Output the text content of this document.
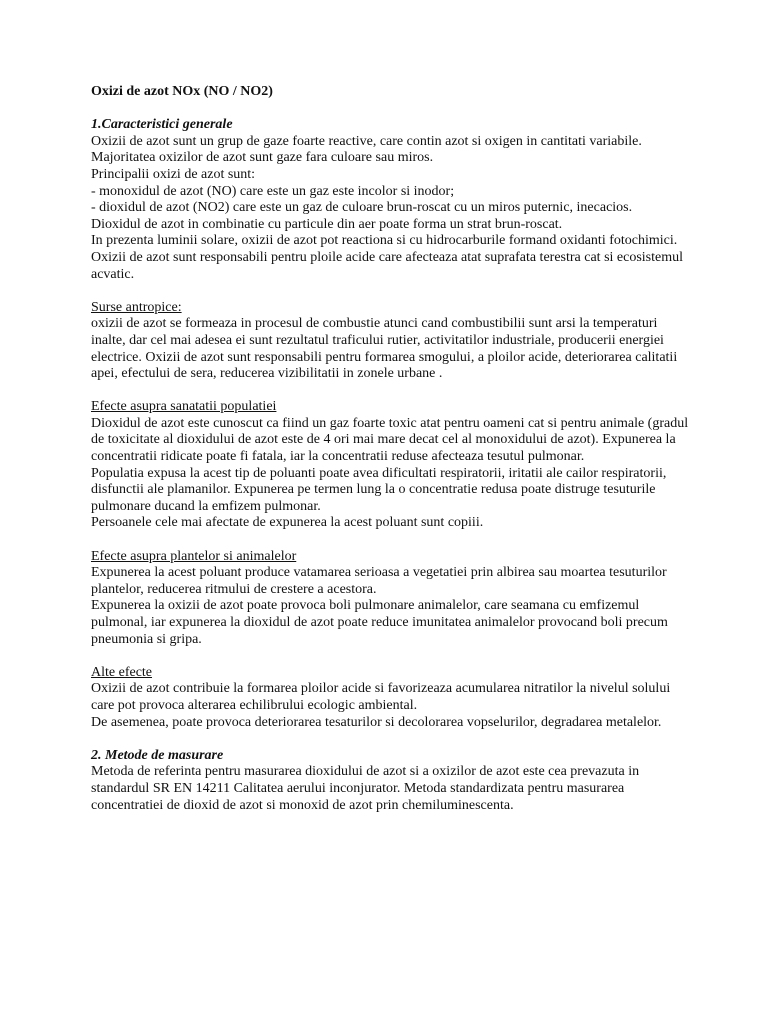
Oxizi de azot NOx (NO / NO2)

1.Caracteristici generale

Oxizii de azot sunt un grup de gaze foarte reactive, care contin azot si oxigen in cantitati variabile. Majoritatea oxizilor de azot sunt gaze fara culoare sau miros.

Principalii oxizi de azot sunt:

- monoxidul de azot (NO) care este un gaz este incolor si inodor;

- dioxidul de azot (NO2) care este un gaz de culoare brun-roscat cu un miros puternic, inecacios.

Dioxidul de azot in combinatie cu particule din aer poate forma un strat brun-roscat.

In prezenta luminii solare, oxizii de azot pot reactiona si cu hidrocarburile formand oxidanti fotochimici.

Oxizii de azot sunt responsabili pentru ploile acide care afecteaza atat suprafata terestra cat si ecosistemul acvatic.

Surse antropice:

oxizii de azot se formeaza in procesul de combustie atunci cand combustibilii sunt arsi la temperaturi inalte, dar cel mai adesea ei sunt rezultatul traficului rutier, activitatilor industriale, producerii energiei electrice. Oxizii de azot sunt responsabili pentru formarea smogului, a ploilor acide, deteriorarea calitatii apei, efectului de sera, reducerea vizibilitatii in zonele urbane .

Efecte asupra sanatatii populatiei

Dioxidul de azot este cunoscut ca fiind un gaz foarte toxic atat pentru oameni cat si pentru animale (gradul de toxicitate al dioxidului de azot este de 4 ori mai mare decat cel al monoxidului de azot). Expunerea la concentratii ridicate poate fi fatala, iar la concentratii reduse afecteaza tesutul pulmonar.

Populatia expusa la acest tip de poluanti poate avea dificultati respiratorii, iritatii ale cailor respiratorii, disfunctii ale plamanilor. Expunerea pe termen lung la o concentratie redusa poate distruge tesuturile pulmonare ducand la emfizem pulmonar.

Persoanele cele mai afectate de expunerea la acest poluant sunt copiii.

Efecte asupra plantelor si animalelor

Expunerea la acest poluant produce vatamarea serioasa a vegetatiei prin albirea sau moartea tesuturilor plantelor, reducerea ritmului de crestere a acestora.

Expunerea la oxizii de azot poate provoca boli pulmonare animalelor, care seamana cu emfizemul pulmonal, iar expunerea la dioxidul de azot poate reduce imunitatea animalelor provocand boli precum pneumonia si gripa.

Alte efecte

Oxizii de azot contribuie la formarea ploilor acide si favorizeaza acumularea nitratilor la nivelul solului care pot provoca alterarea echilibrului ecologic ambiental.

De asemenea, poate provoca deteriorarea tesaturilor si decolorarea vopselurilor, degradarea metalelor.

2. Metode de masurare

Metoda de referinta pentru masurarea dioxidului de azot si a oxizilor de azot este cea prevazuta in standardul SR EN 14211 Calitatea aerului inconjurator. Metoda standardizata pentru masurarea concentratiei de dioxid de azot si monoxid de azot prin chemiluminescenta.
